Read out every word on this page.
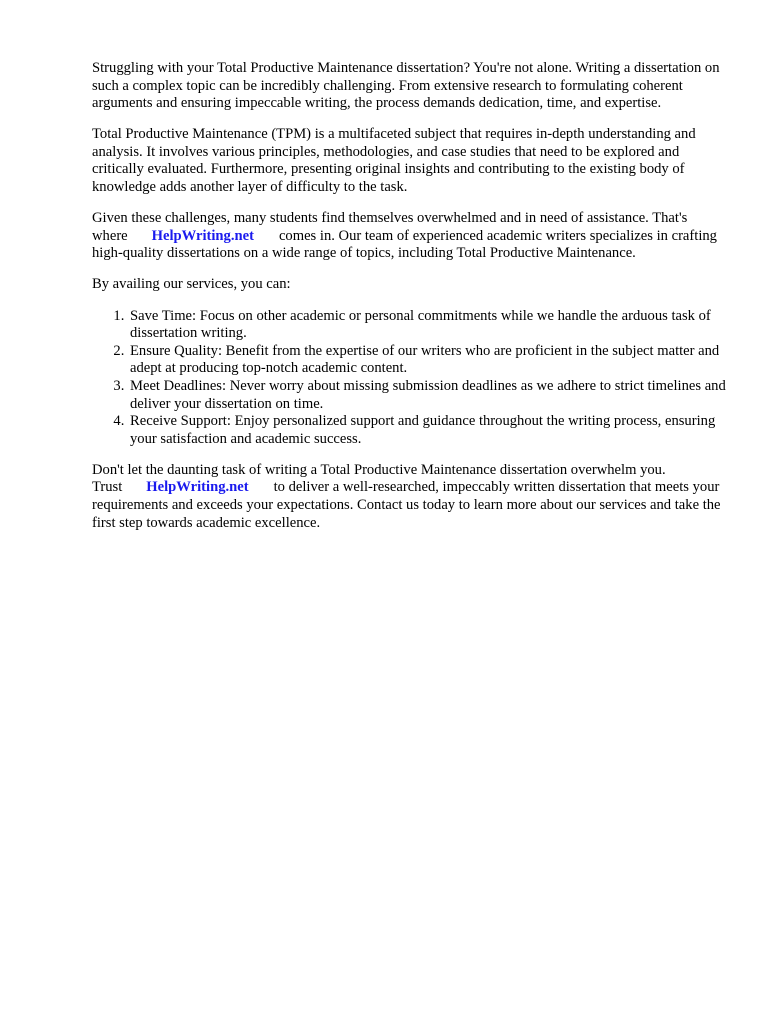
Struggling with your Total Productive Maintenance dissertation? You're not alone. Writing a dissertation on such a complex topic can be incredibly challenging. From extensive research to formulating coherent arguments and ensuring impeccable writing, the process demands dedication, time, and expertise.

Total Productive Maintenance (TPM) is a multifaceted subject that requires in-depth understanding and analysis. It involves various principles, methodologies, and case studies that need to be explored and critically evaluated. Furthermore, presenting original insights and contributing to the existing body of knowledge adds another layer of difficulty to the task.

Given these challenges, many students find themselves overwhelmed and in need of assistance. That's where HelpWriting.net comes in. Our team of experienced academic writers specializes in crafting high-quality dissertations on a wide range of topics, including Total Productive Maintenance.

By availing our services, you can:

1. Save Time: Focus on other academic or personal commitments while we handle the arduous task of dissertation writing.
2. Ensure Quality: Benefit from the expertise of our writers who are proficient in the subject matter and adept at producing top-notch academic content.
3. Meet Deadlines: Never worry about missing submission deadlines as we adhere to strict timelines and deliver your dissertation on time.
4. Receive Support: Enjoy personalized support and guidance throughout the writing process, ensuring your satisfaction and academic success.

Don't let the daunting task of writing a Total Productive Maintenance dissertation overwhelm you. Trust HelpWriting.net to deliver a well-researched, impeccably written dissertation that meets your requirements and exceeds your expectations. Contact us today to learn more about our services and take the first step towards academic excellence.
